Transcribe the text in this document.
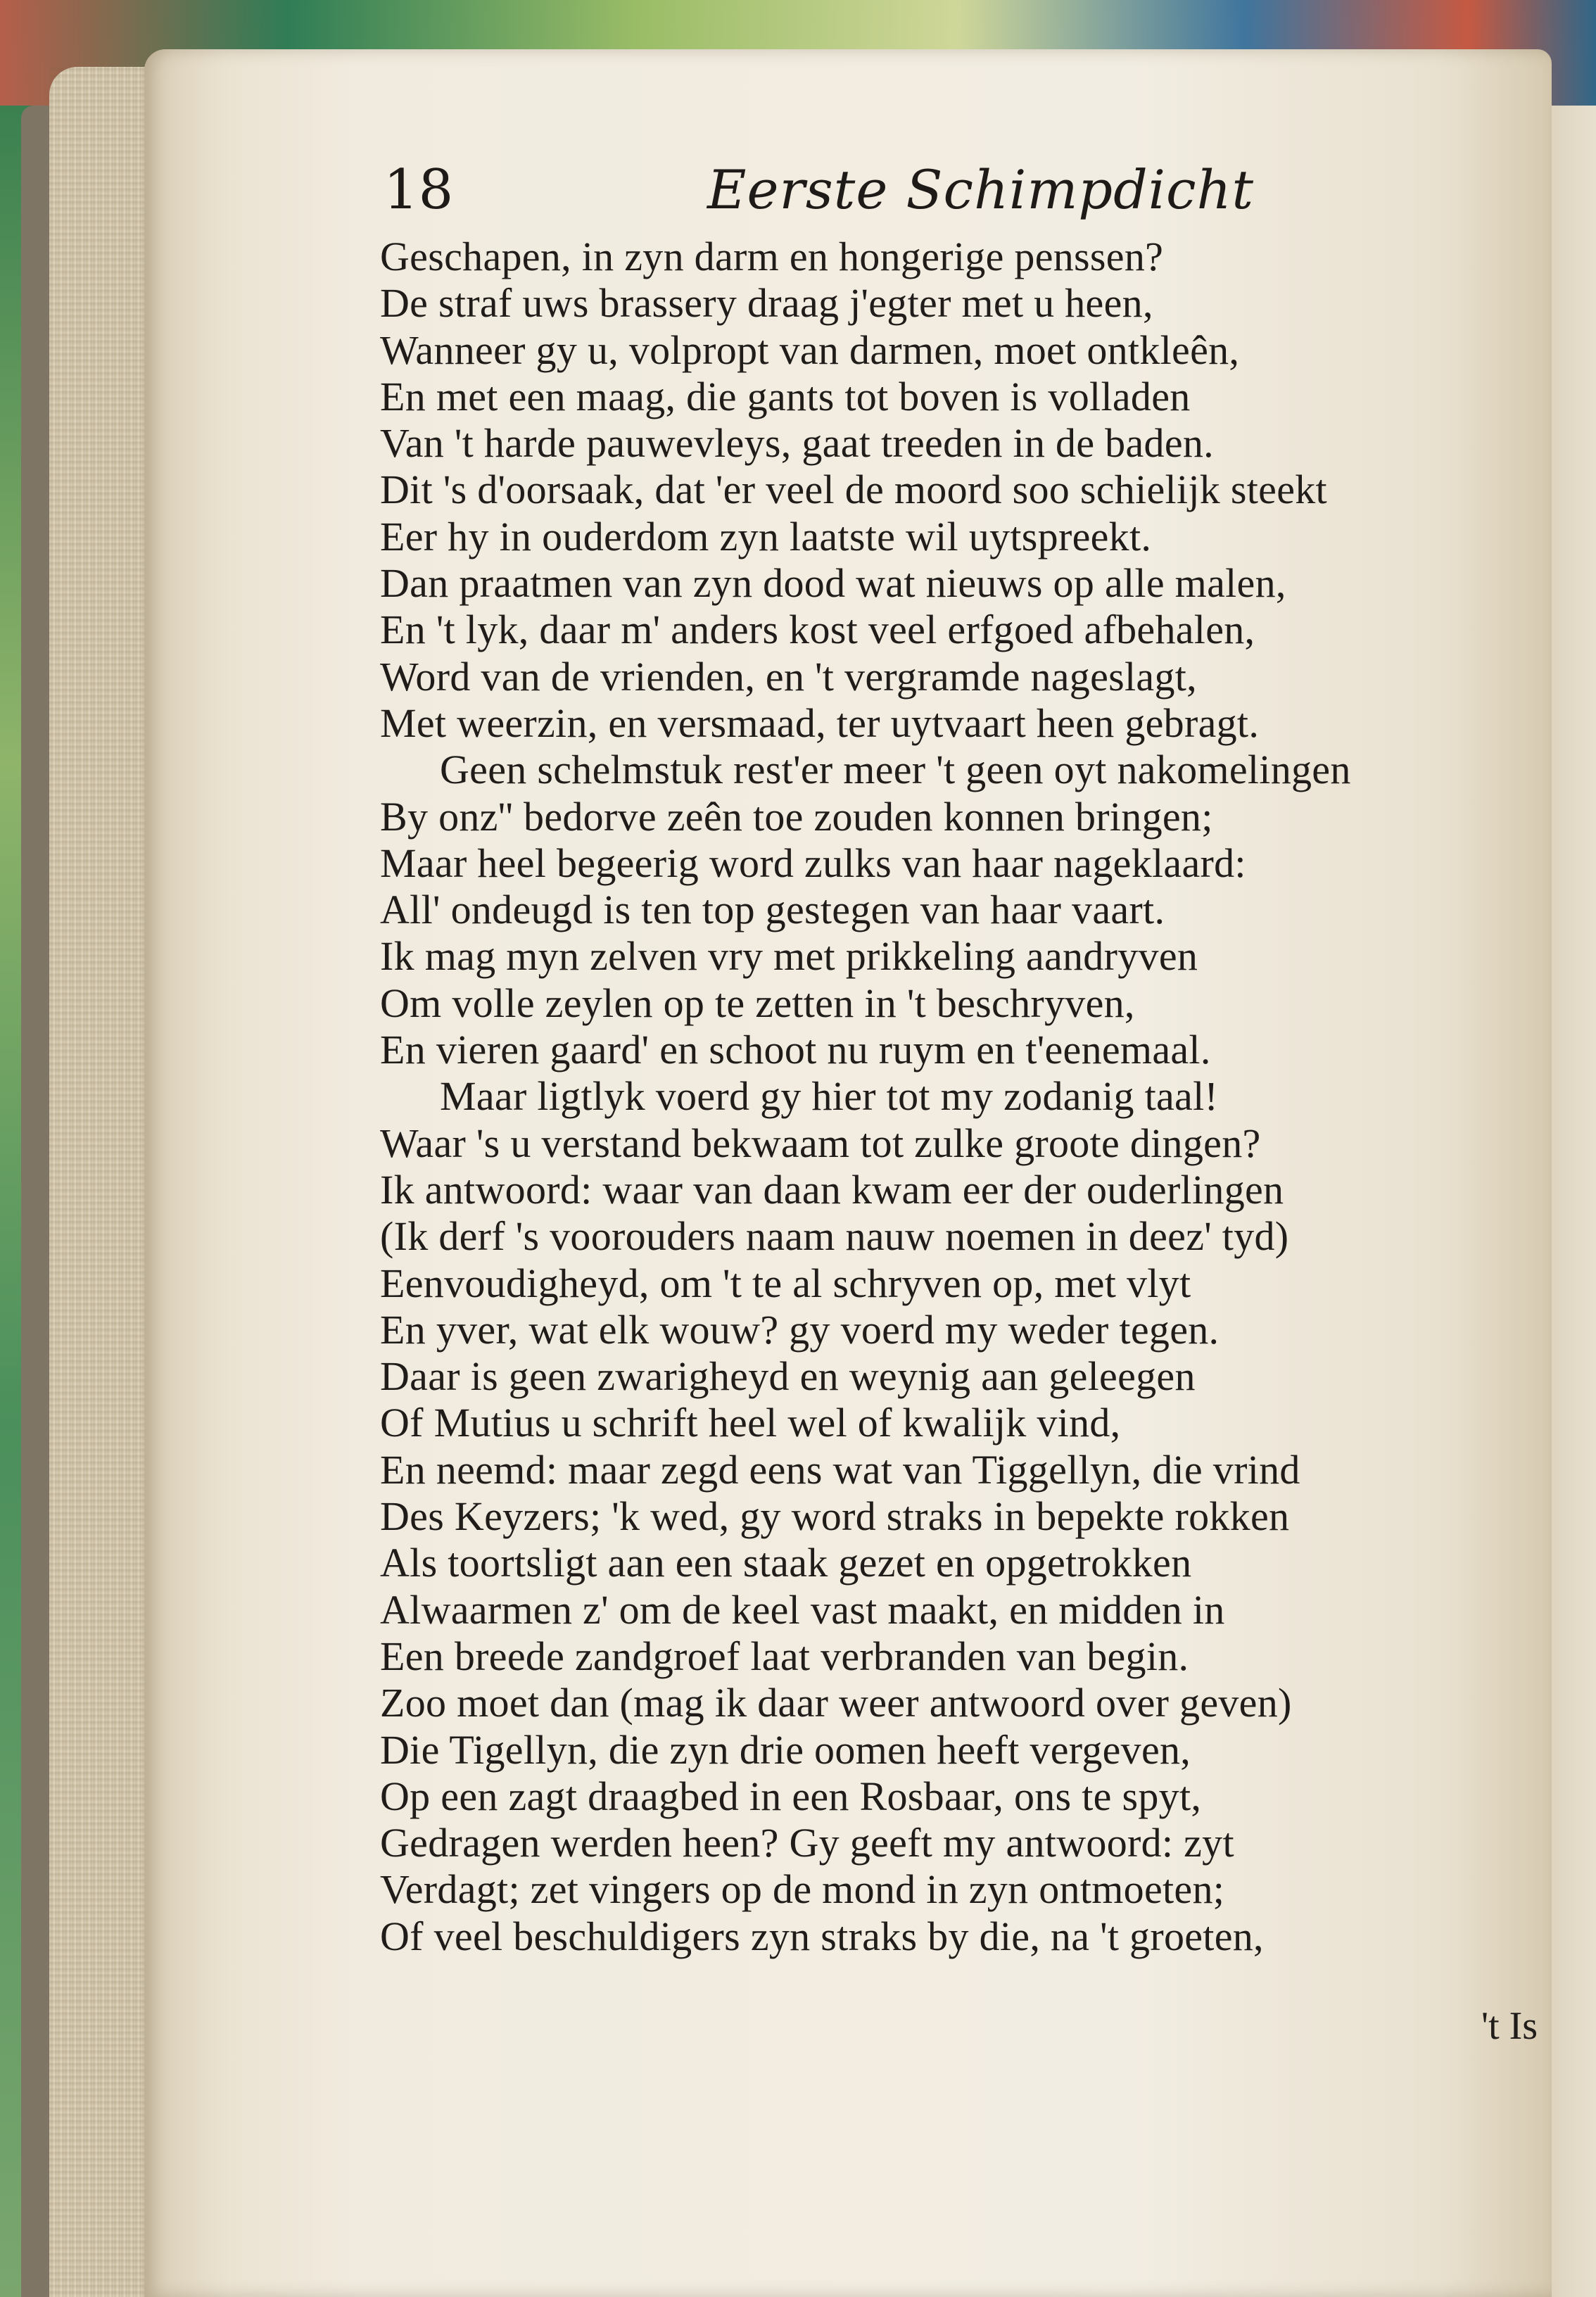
18	Eerste Schimpdicht
Geschapen, in zyn darm en hongerige penssen?
De straf uws brassery draag j'egter met u heen,
Wanneer gy u, volpropt van darmen, moet ontkleên,
En met een maag, die gants tot boven is volladen
Van 't harde pauwevleys, gaat treeden in de baden.
Dit 's d'oorsaak, dat 'er veel de moord soo schielijk steekt
Eer hy in ouderdom zyn laatste wil uytspreekt.
Dan praatmen van zyn dood wat nieuws op alle malen,
En 't lyk, daar m' anders kost veel erfgoed afbehalen,
Word van de vrienden, en 't vergramde nageslagt,
Met weerzin, en versmaad, ter uytvaart heen gebragt.
Geen schelmstuk rest'er meer 't geen oyt nakomelingen
By onz'' bedorve zeên toe zouden konnen bringen;
Maar heel begeerig word zulks van haar nageklaard:
All' ondeugd is ten top gestegen van haar vaart.
Ik mag myn zelven vry met prikkeling aandryven
Om volle zeylen op te zetten in 't beschryven,
En vieren gaard' en schoot nu ruym en t'eenemaal.
Maar ligtlyk voerd gy hier tot my zodanig taal!
Waar 's u verstand bekwaam tot zulke groote dingen?
Ik antwoord: waar van daan kwam eer der ouderlingen
(Ik derf 's voorouders naam nauw noemen in deez' tyd)
Eenvoudigheyd, om 't te al schryven op, met vlyt
En yver, wat elk wouw? gy voerd my weder tegen.
Daar is geen zwarigheyd en weynig aan geleegen
Of Mutius u schrift heel wel of kwalijk vind,
En neemd: maar zegd eens wat van Tiggellyn, die vrind
Des Keyzers; 'k wed, gy word straks in bepekte rokken
Als toortsligt aan een staak gezet en opgetrokken
Alwaarmen z' om de keel vast maakt, en midden in
Een breede zandgroef laat verbranden van begin.
Zoo moet dan (mag ik daar weer antwoord over geven)
Die Tigellyn, die zyn drie oomen heeft vergeven,
Op een zagt draagbed in een Rosbaar, ons te spyt,
Gedragen werden heen? Gy geeft my antwoord: zyt
Verdagt; zet vingers op de mond in zyn ontmoeten;
Of veel beschuldigers zyn straks by die, na 't groeten,
't Is
